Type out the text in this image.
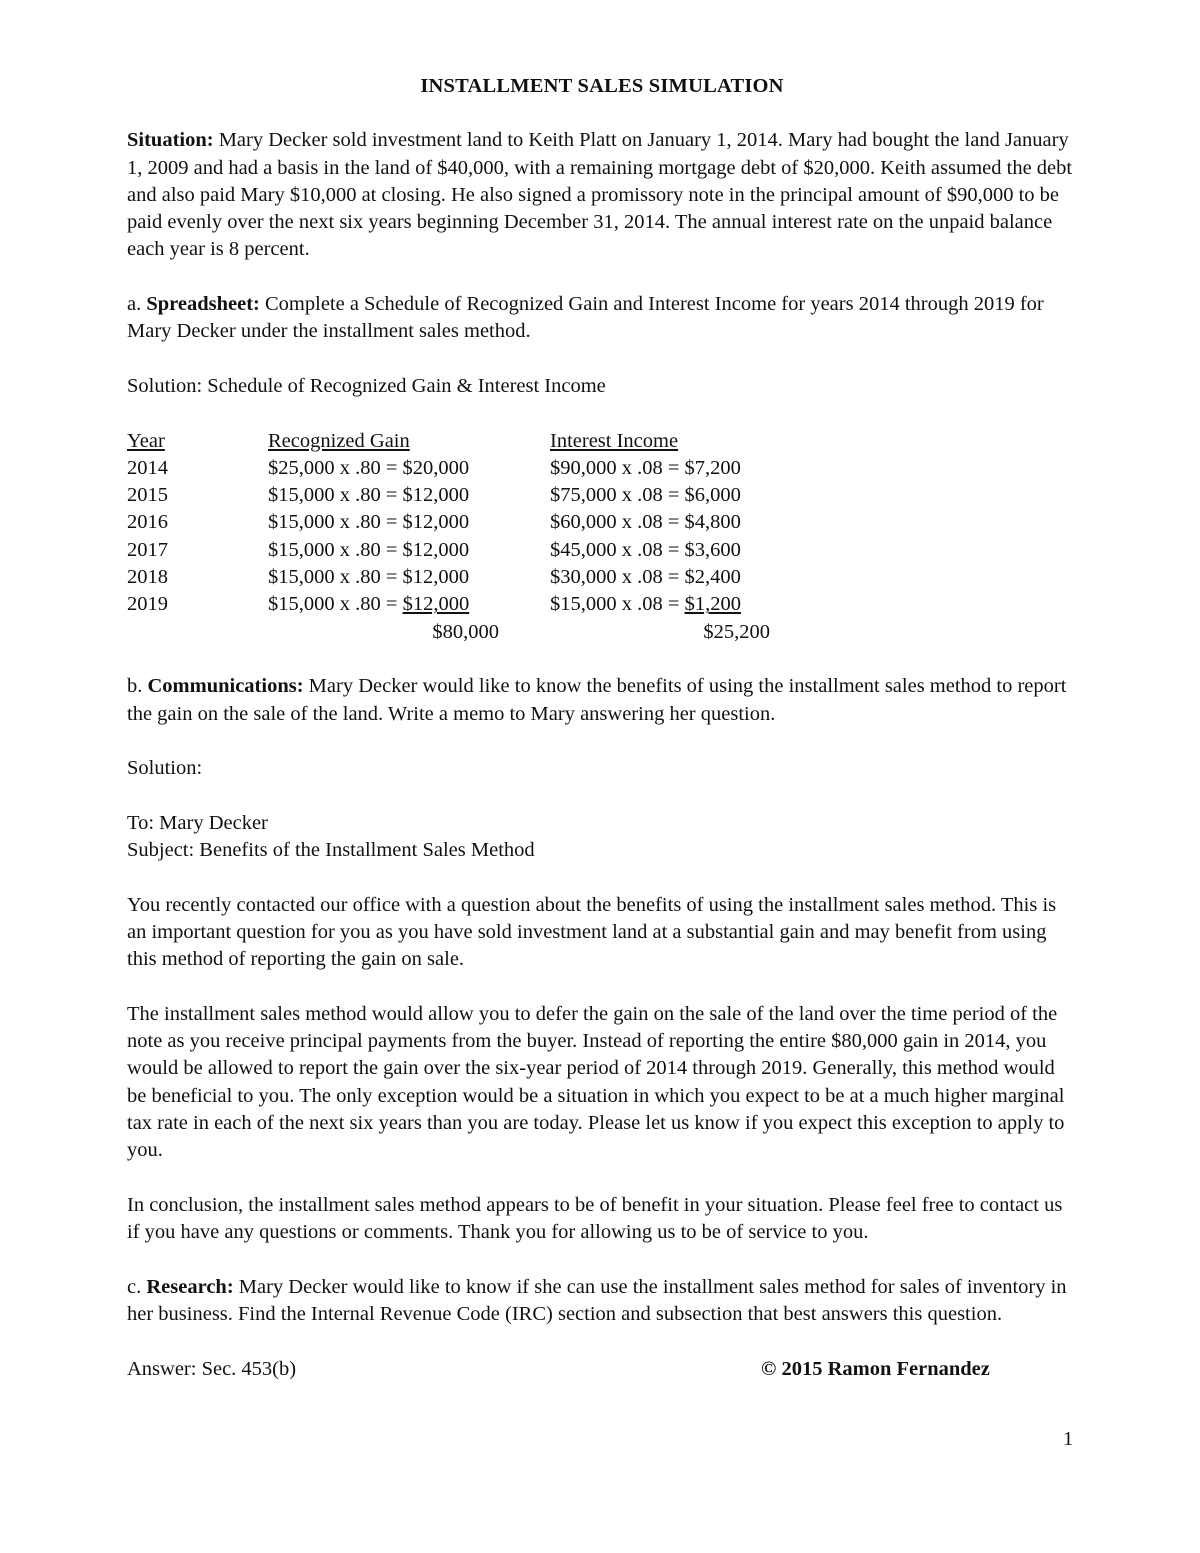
INSTALLMENT SALES SIMULATION

Situation: Mary Decker sold investment land to Keith Platt on January 1, 2014. Mary had bought the land January 1, 2009 and had a basis in the land of $40,000, with a remaining mortgage debt of $20,000. Keith assumed the debt and also paid Mary $10,000 at closing. He also signed a promissory note in the principal amount of $90,000 to be paid evenly over the next six years beginning December 31, 2014. The annual interest rate on the unpaid balance each year is 8 percent.

a. Spreadsheet: Complete a Schedule of Recognized Gain and Interest Income for years 2014 through 2019 for Mary Decker under the installment sales method.

Solution: Schedule of Recognized Gain & Interest Income

Year	Recognized Gain	Interest Income
2014	$25,000 x .80 = $20,000	$90,000 x .08 = $7,200
2015	$15,000 x .80 = $12,000	$75,000 x .08 = $6,000
2016	$15,000 x .80 = $12,000	$60,000 x .08 = $4,800
2017	$15,000 x .80 = $12,000	$45,000 x .08 = $3,600
2018	$15,000 x .80 = $12,000	$30,000 x .08 = $2,400
2019	$15,000 x .80 = $12,000	$15,000 x .08 = $1,200
	$80,000	$25,200

b. Communications: Mary Decker would like to know the benefits of using the installment sales method to report the gain on the sale of the land. Write a memo to Mary answering her question.

Solution:

To: Mary Decker
Subject: Benefits of the Installment Sales Method

You recently contacted our office with a question about the benefits of using the installment sales method. This is an important question for you as you have sold investment land at a substantial gain and may benefit from using this method of reporting the gain on sale.

The installment sales method would allow you to defer the gain on the sale of the land over the time period of the note as you receive principal payments from the buyer. Instead of reporting the entire $80,000 gain in 2014, you would be allowed to report the gain over the six-year period of 2014 through 2019. Generally, this method would be beneficial to you. The only exception would be a situation in which you expect to be at a much higher marginal tax rate in each of the next six years than you are today. Please let us know if you expect this exception to apply to you.

In conclusion, the installment sales method appears to be of benefit in your situation. Please feel free to contact us if you have any questions or comments. Thank you for allowing us to be of service to you.

c. Research: Mary Decker would like to know if she can use the installment sales method for sales of inventory in her business. Find the Internal Revenue Code (IRC) section and subsection that best answers this question.

Answer: Sec. 453(b)	© 2015 Ramon Fernandez
1
